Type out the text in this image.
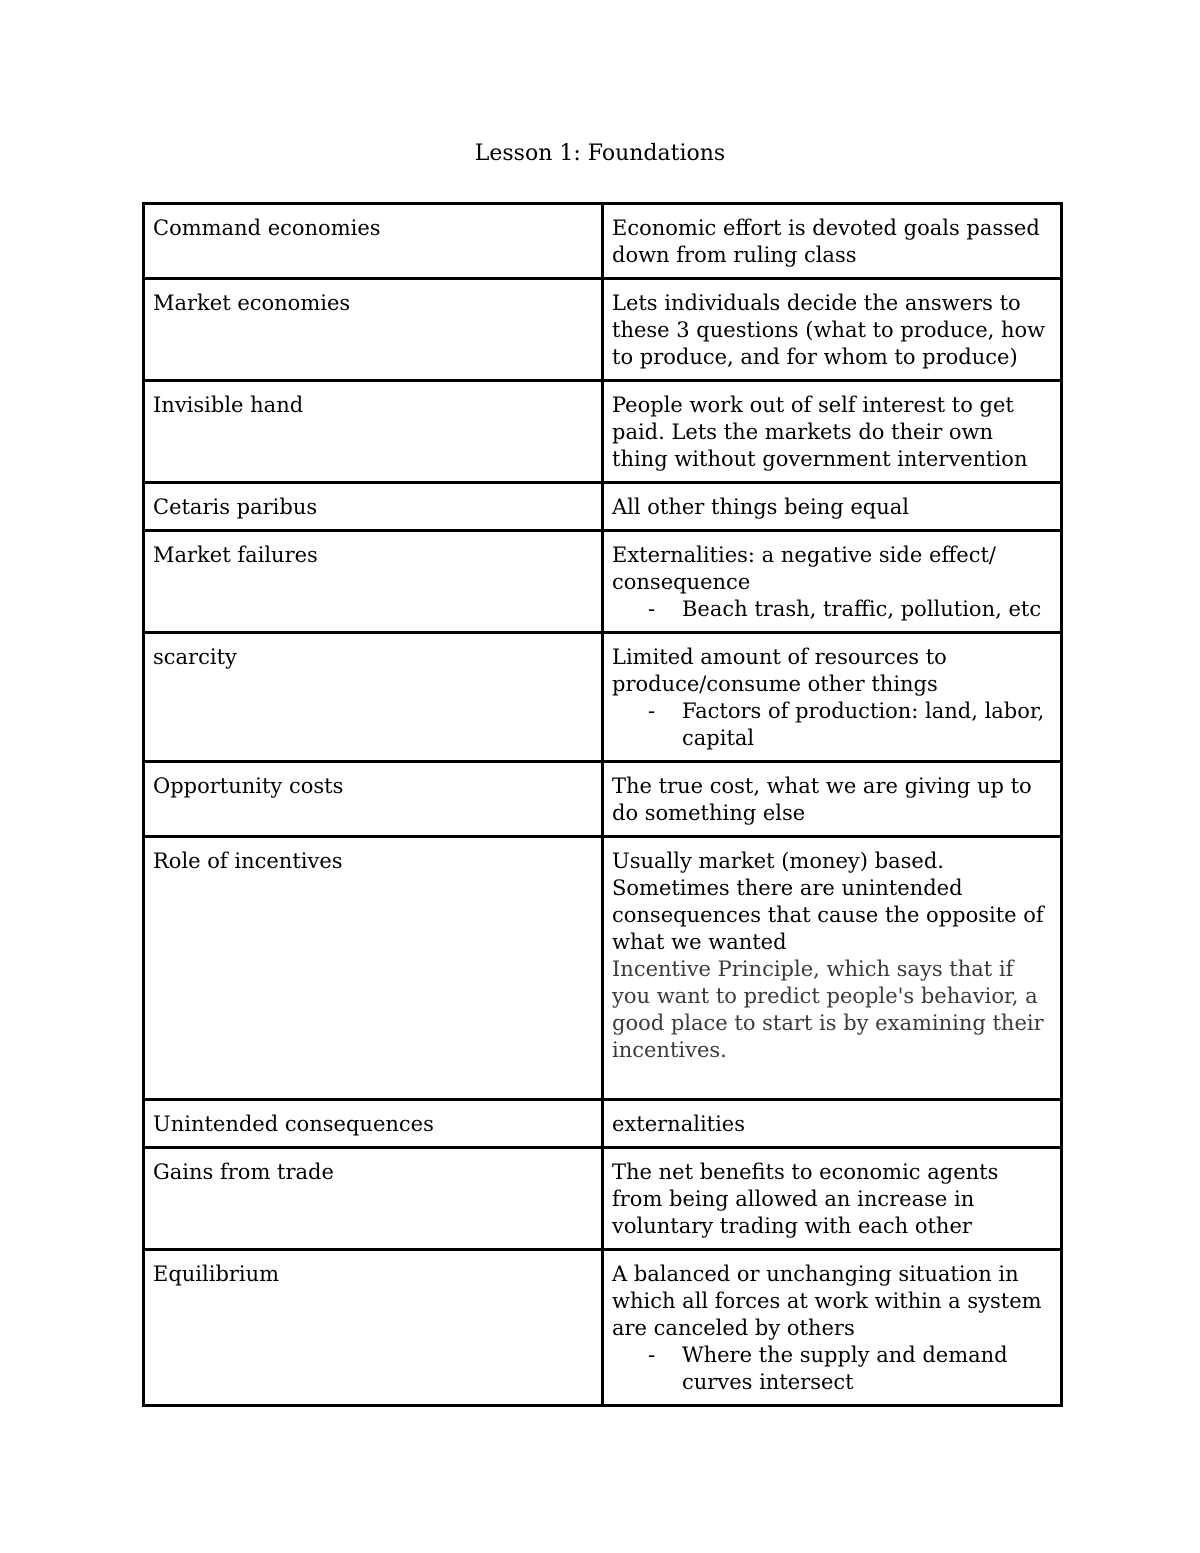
Lesson 1: Foundations
Command economies	Economic effort is devoted goals passed down from ruling class

Market economies	Lets individuals decide the answers to these 3 questions (what to produce, how to produce, and for whom to produce)

Invisible hand	People work out of self interest to get paid. Lets the markets do their own thing without government intervention

Cetaris paribus	All other things being equal

Market failures	Externalities: a negative side effect/ consequence
- Beach trash, traffic, pollution, etc

scarcity	Limited amount of resources to produce/consume other things
- Factors of production: land, labor, capital

Opportunity costs	The true cost, what we are giving up to do something else

Role of incentives	Usually market (money) based. Sometimes there are unintended consequences that cause the opposite of what we wanted
Incentive Principle, which says that if you want to predict people's behavior, a good place to start is by examining their incentives.

Unintended consequences	externalities

Gains from trade	The net benefits to economic agents from being allowed an increase in voluntary trading with each other

Equilibrium	A balanced or unchanging situation in which all forces at work within a system are canceled by others
- Where the supply and demand curves intersect
